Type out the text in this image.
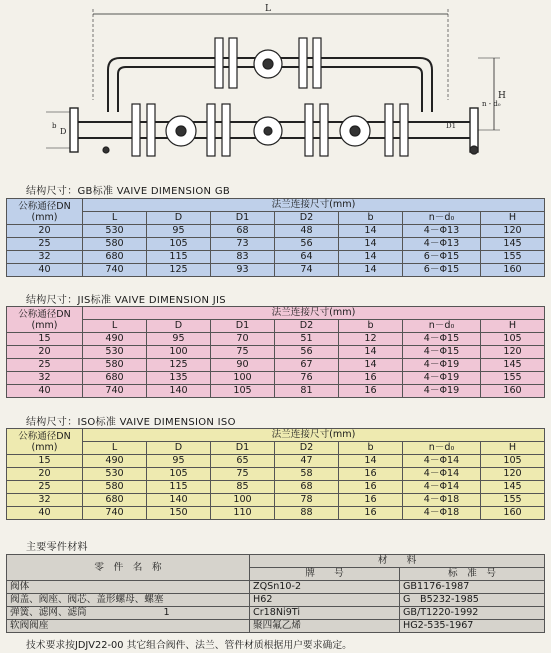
L
H
n - d₀
D
b	D1
结构尺寸：GB标准 VAIVE DIMENSION GB
公称通径DN
(mm)	法兰连接尺寸(mm)						
	L	D	D1	D2	b	n－d₀	H
20	530	95	68	48	14	4－Φ13	120
25	580	105	73	56	14	4－Φ13	145
32	680	115	83	64	14	6－Φ15	155
40	740	125	93	74	14	6－Φ15	160
结构尺寸：JIS标准 VAIVE DIMENSION JIS
公称通径DN
(mm)	法兰连接尺寸(mm)						
	L	D	D1	D2	b	n－d₀	H
15	490	95	70	51	12	4－Φ15	105
20	530	100	75	56	14	4－Φ15	120
25	580	125	90	67	14	4－Φ19	145
32	680	135	100	76	16	4－Φ19	155
40	740	140	105	81	16	4－Φ19	160
结构尺寸：ISO标准 VAIVE DIMENSION ISO
公称通径DN
(mm)	法兰连接尺寸(mm)						
	L	D	D1	D2	b	n－d₀	H
15	490	95	65	47	14	4－Φ14	105
20	530	105	75	58	16	4－Φ14	120
25	580	115	85	68	16	4－Φ14	145
32	680	140	100	78	16	4－Φ18	155
40	740	150	110	88	16	4－Φ18	160
主要零件材料
零　件　名　称	材　　料	
	牌　　号	标　准　号
阀体	ZQSn10-2	GB1176-1987
阀盖、阀座、阀芯、盖形螺母、螺塞	H62	G　B5232-1985
弹簧、滤网、滤筒　　　　　　　　1	Cr18Ni9Ti	GB/T1220-1992
软阀阀座	聚四氟乙烯	HG2-535-1967
技术要求按JDJV22-00 其它组合阀件、法兰、管件材质根据用户要求确定。
